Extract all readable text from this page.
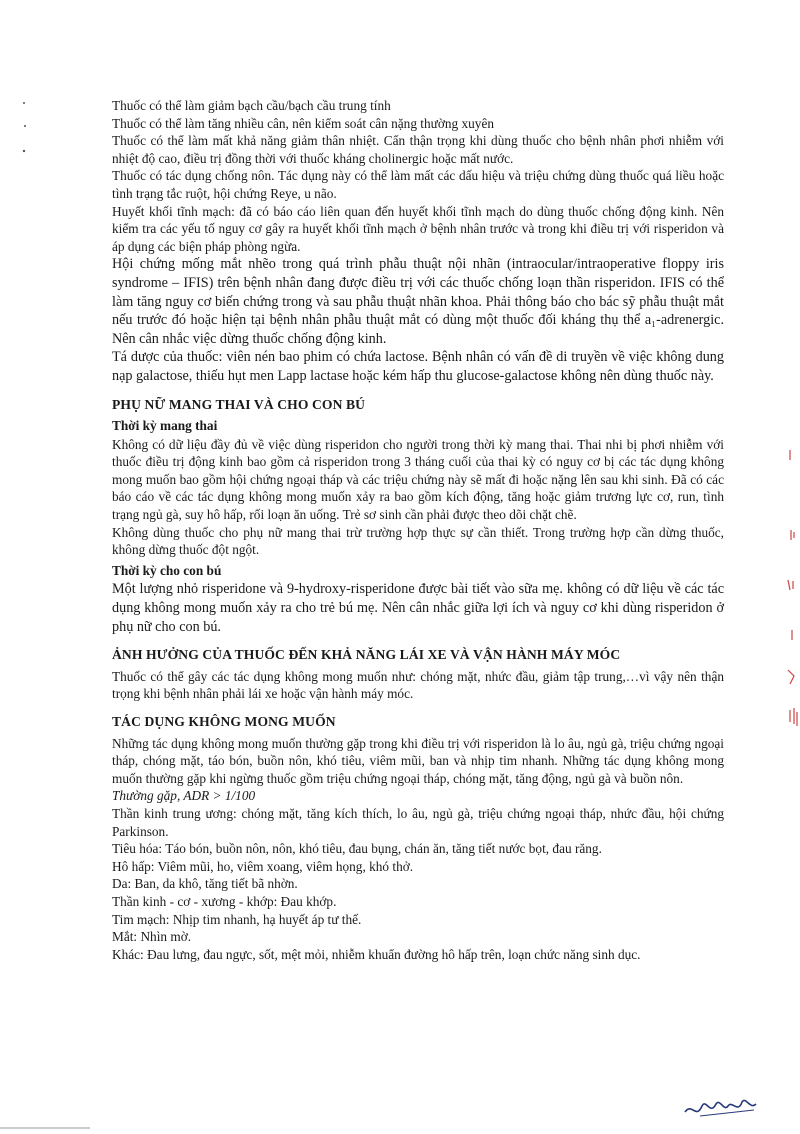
Thuốc có thể làm giảm bạch cầu/bạch cầu trung tính

Thuốc có thể làm tăng nhiều cân, nên kiểm soát cân nặng thường xuyên

Thuốc có thể làm mất khả năng giảm thân nhiệt. Cẩn thận trọng khi dùng thuốc cho bệnh nhân phơi nhiễm với nhiệt độ cao, điều trị đồng thời với thuốc kháng cholinergic hoặc mất nước.

Thuốc có tác dụng chống nôn. Tác dụng này có thể làm mất các dấu hiệu và triệu chứng dùng thuốc quá liều hoặc tình trạng tắc ruột, hội chứng Reye, u não.

Huyết khối tĩnh mạch: đã có báo cáo liên quan đến huyết khối tĩnh mạch do dùng thuốc chống động kinh. Nên kiểm tra các yếu tố nguy cơ gây ra huyết khối tĩnh mạch ở bệnh nhân trước và trong khi điều trị với risperidon và áp dụng các biện pháp phòng ngừa.

Hội chứng mống mắt nhẽo trong quá trình phẫu thuật nội nhãn (intraocular/intraoperative floppy iris syndrome – IFIS) trên bệnh nhân đang được điều trị với các thuốc chống loạn thần risperidon. IFIS có thể làm tăng nguy cơ biến chứng trong và sau phẫu thuật nhãn khoa. Phải thông báo cho bác sỹ phẫu thuật mắt nếu trước đó hoặc hiện tại bệnh nhân phẫu thuật mắt có dùng một thuốc đối kháng thụ thể a₁-adrenergic. Nên cân nhắc việc dừng thuốc chống động kinh.

Tá dược của thuốc: viên nén bao phim có chứa lactose. Bệnh nhân có vấn đề di truyền về việc không dung nạp galactose, thiếu hụt men Lapp lactase hoặc kém hấp thu glucose-galactose không nên dùng thuốc này.

PHỤ NỮ MANG THAI VÀ CHO CON BÚ
Thời kỳ mang thai

Không có dữ liệu đầy đủ về việc dùng risperidon cho người trong thời kỳ mang thai. Thai nhi bị phơi nhiễm với thuốc điều trị động kinh bao gồm cả risperidon trong 3 tháng cuối của thai kỳ có nguy cơ bị các tác dụng không mong muốn bao gồm hội chứng ngoại tháp và các triệu chứng này sẽ mất đi hoặc nặng lên sau khi sinh. Đã có các báo cáo về các tác dụng không mong muốn xảy ra bao gồm kích động, tăng hoặc giảm trương lực cơ, run, tình trạng ngủ gà, suy hô hấp, rối loạn ăn uống. Trẻ sơ sinh cần phải được theo dõi chặt chẽ.

Không dùng thuốc cho phụ nữ mang thai trừ trường hợp thực sự cần thiết. Trong trường hợp cần dừng thuốc, không dừng thuốc đột ngột.

Thời kỳ cho con bú

Một lượng nhỏ risperidone và 9-hydroxy-risperidone được bài tiết vào sữa mẹ. không có dữ liệu về các tác dụng không mong muốn xảy ra cho trẻ bú mẹ. Nên cân nhắc giữa lợi ích và nguy cơ khi dùng risperidon ở phụ nữ cho con bú.

ẢNH HƯỞNG CỦA THUỐC ĐẾN KHẢ NĂNG LÁI XE VÀ VẬN HÀNH MÁY MÓC

Thuốc có thể gây các tác dụng không mong muốn như: chóng mặt, nhức đầu, giảm tập trung,…vì vậy nên thận trọng khi bệnh nhân phải lái xe hoặc vận hành máy móc.

TÁC DỤNG KHÔNG MONG MUỐN

Những tác dụng không mong muốn thường gặp trong khi điều trị với risperidon là lo âu, ngủ gà, triệu chứng ngoại tháp, chóng mặt, táo bón, buồn nôn, khó tiêu, viêm mũi, ban và nhịp tim nhanh. Những tác dụng không mong muốn thường gặp khi ngừng thuốc gồm triệu chứng ngoại tháp, chóng mặt, tăng động, ngủ gà và buồn nôn.

Thường gặp, ADR > 1/100

Thần kinh trung ương: chóng mặt, tăng kích thích, lo âu, ngủ gà, triệu chứng ngoại tháp, nhức đầu, hội chứng Parkinson.

Tiêu hóa: Táo bón, buồn nôn, nôn, khó tiêu, đau bụng, chán ăn, tăng tiết nước bọt, đau răng.

Hô hấp: Viêm mũi, ho, viêm xoang, viêm họng, khó thở.

Da: Ban, da khô, tăng tiết bã nhờn.

Thần kinh - cơ - xương - khớp: Đau khớp.

Tim mạch: Nhịp tim nhanh, hạ huyết áp tư thế.

Mắt: Nhìn mờ.

Khác: Đau lưng, đau ngực, sốt, mệt mỏi, nhiễm khuẩn đường hô hấp trên, loạn chức năng sinh dục.
